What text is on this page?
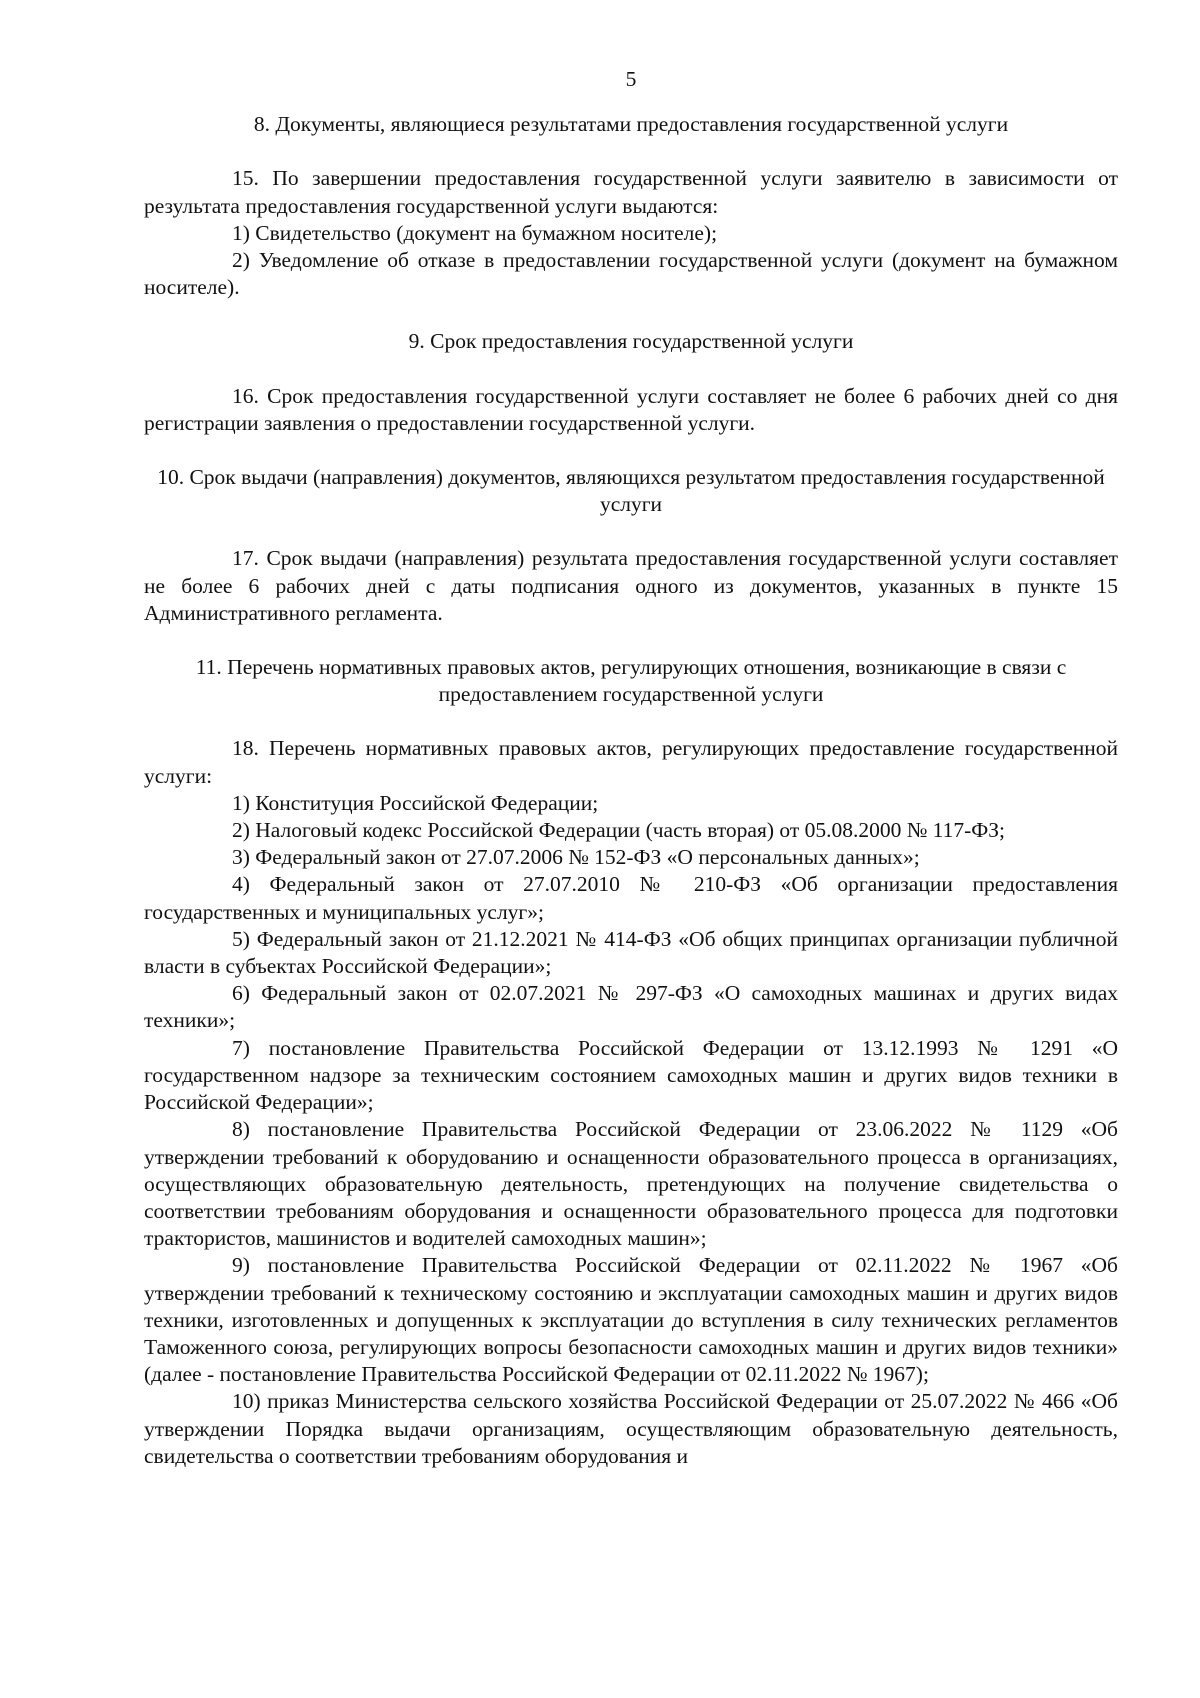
5

8. Документы, являющиеся результатами предоставления государственной услуги

15. По завершении предоставления государственной услуги заявителю в зависимости от результата предоставления государственной услуги выдаются:

1) Свидетельство (документ на бумажном носителе);

2) Уведомление об отказе в предоставлении государственной услуги (документ на бумажном носителе).

9. Срок предоставления государственной услуги

16. Срок предоставления государственной услуги составляет не более 6 рабочих дней со дня регистрации заявления о предоставлении государственной услуги.

10. Срок выдачи (направления) документов, являющихся результатом предоставления государственной услуги

17. Срок выдачи (направления) результата предоставления государственной услуги составляет не более 6 рабочих дней с даты подписания одного из документов, указанных в пункте 15 Административного регламента.

11. Перечень нормативных правовых актов, регулирующих отношения, возникающие в связи с предоставлением государственной услуги

18. Перечень нормативных правовых актов, регулирующих предоставление государственной услуги:

1) Конституция Российской Федерации;

2) Налоговый кодекс Российской Федерации (часть вторая) от 05.08.2000 № 117-ФЗ;

3) Федеральный закон от 27.07.2006 № 152-ФЗ «О персональных данных»;

4) Федеральный закон от 27.07.2010 № 210-ФЗ «Об организации предоставления государственных и муниципальных услуг»;

5) Федеральный закон от 21.12.2021 № 414-ФЗ «Об общих принципах организации публичной власти в субъектах Российской Федерации»;

6) Федеральный закон от 02.07.2021 № 297-ФЗ «О самоходных машинах и других видах техники»;

7) постановление Правительства Российской Федерации от 13.12.1993 № 1291 «О государственном надзоре за техническим состоянием самоходных машин и других видов техники в Российской Федерации»;

8) постановление Правительства Российской Федерации от 23.06.2022 № 1129 «Об утверждении требований к оборудованию и оснащенности образовательного процесса в организациях, осуществляющих образовательную деятельность, претендующих на получение свидетельства о соответствии требованиям оборудования и оснащенности образовательного процесса для подготовки трактористов, машинистов и водителей самоходных машин»;

9) постановление Правительства Российской Федерации от 02.11.2022 № 1967 «Об утверждении требований к техническому состоянию и эксплуатации самоходных машин и других видов техники, изготовленных и допущенных к эксплуатации до вступления в силу технических регламентов Таможенного союза, регулирующих вопросы безопасности самоходных машин и других видов техники» (далее - постановление Правительства Российской Федерации от 02.11.2022 № 1967);

10) приказ Министерства сельского хозяйства Российской Федерации от 25.07.2022 № 466 «Об утверждении Порядка выдачи организациям, осуществляющим образовательную деятельность, свидетельства о соответствии требованиям оборудования и
